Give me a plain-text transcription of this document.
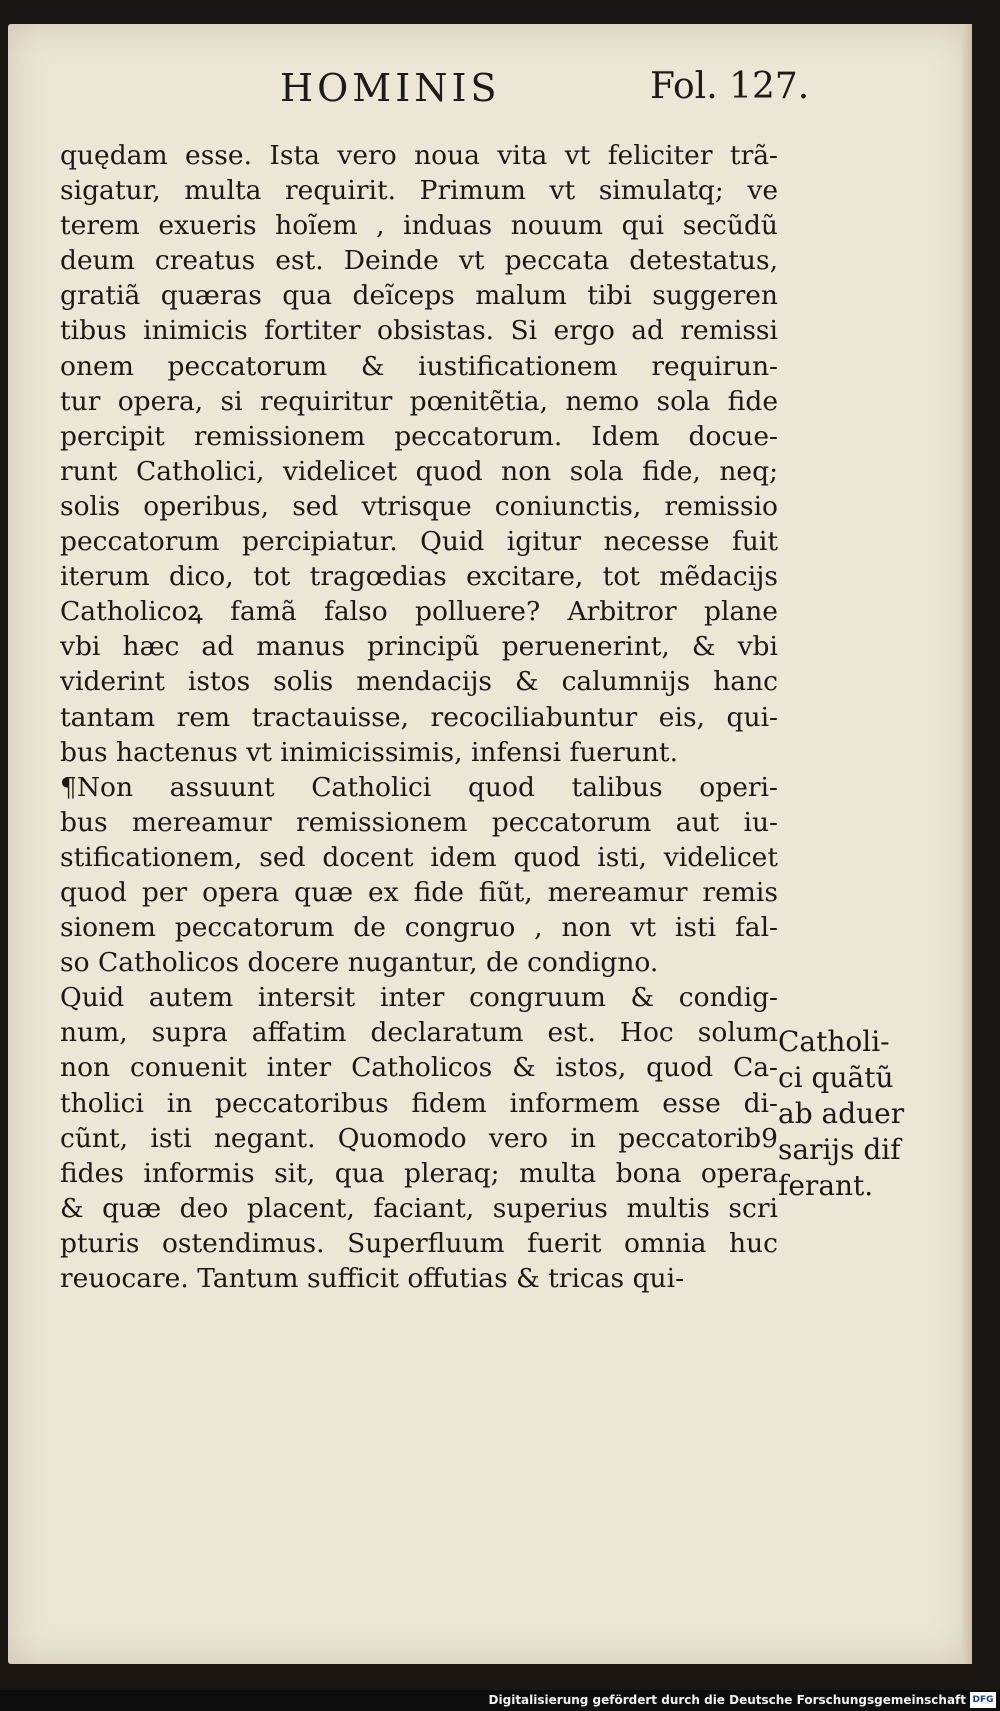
HOMINIS	Fol. 127.
quędam esse. Ista vero noua vita vt feliciter trã-
sigatur, multa requirit. Primum vt simulatq; ve
terem exueris hoĩem , induas nouum qui secũdũ
deum creatus est. Deinde vt peccata detestatus,
gratiã quæras qua deĩceps malum tibi suggeren
tibus inimicis fortiter obsistas. Si ergo ad remissi
onem peccatorum & iustificationem requirun-
tur opera, si requiritur pœnitẽtia, nemo sola fide
percipit remissionem peccatorum. Idem docue-
runt Catholici, videlicet quod non sola fide, neq;
solis operibus, sed vtrisque coniunctis, remissio
peccatorum percipiatur. Quid igitur necesse fuit
iterum dico, tot tragœdias excitare, tot mẽdacijs
Catholicoꝝ famã falso polluere? Arbitror plane
vbi hæc ad manus principũ peruenerint, & vbi
viderint istos solis mendacijs & calumnijs hanc
tantam rem tractauisse, recociliabuntur eis, qui-
bus hactenus vt inimicissimis, infensi fuerunt.
¶Non assuunt Catholici quod talibus operi-
bus mereamur remissionem peccatorum aut iu-
stificationem, sed docent idem quod isti, videlicet
quod per opera quæ ex fide fiũt, mereamur remis
sionem peccatorum de congruo , non vt isti fal-
so Catholicos docere nugantur, de condigno.
Quid autem intersit inter congruum & condig-
num, supra affatim declaratum est. Hoc solum
non conuenit inter Catholicos & istos, quod Ca-
tholici in peccatoribus fidem informem esse di-
cũnt, isti negant. Quomodo vero in peccatorib9
fides informis sit, qua pleraq; multa bona opera
& quæ deo placent, faciant, superius multis scri
pturis ostendimus. Superfluum fuerit omnia huc
reuocare. Tantum sufficit offutias & tricas qui-
Catholi-
ci quãtũ
ab aduer
sarijs dif
ferant.
Digitalisierung gefördert durch die Deutsche Forschungsgemeinschaft DFG
